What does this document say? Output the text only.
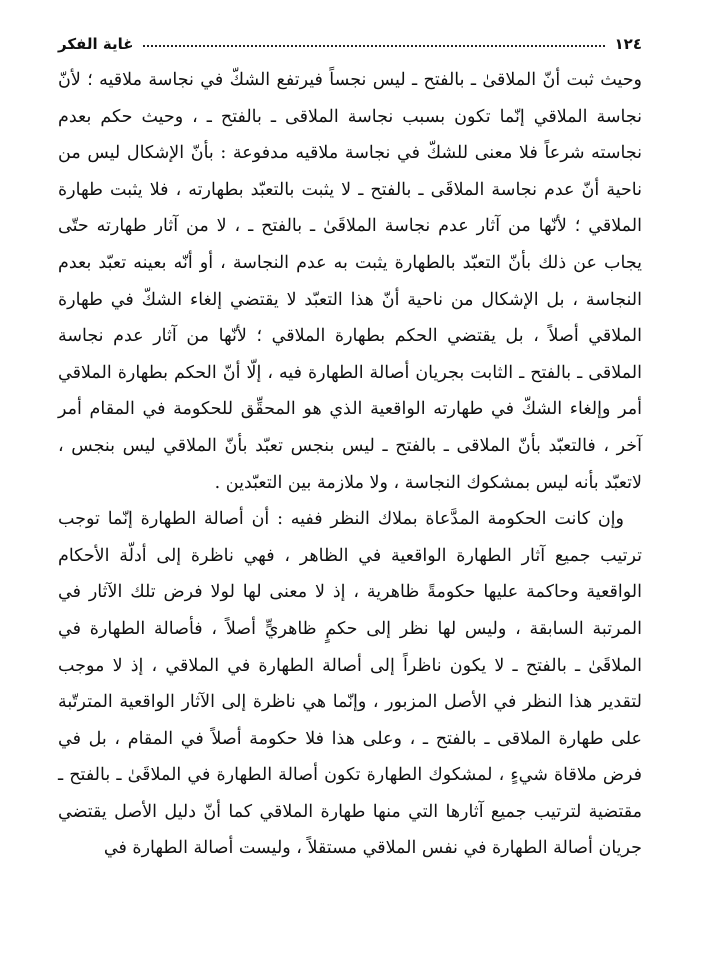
١٢٤
غاية الفكر

وحيث ثبت أنّ الملاقىٰ ـ بالفتح ـ ليس نجساً فيرتفع الشكّ في نجاسة ملاقيه ؛ لأنّ نجاسة الملاقي إنّما تكون بسبب نجاسة الملاقى ـ بالفتح ـ ، وحيث حكم بعدم نجاسته شرعاً فلا معنى للشكّ في نجاسة ملاقيه مدفوعة : بأنّ الإشكال ليس من ناحية أنّ عدم نجاسة الملاقَى ـ بالفتح ـ لا يثبت بالتعبّد بطهارته ، فلا يثبت طهارة الملاقي ؛ لأنّها من آثار عدم نجاسة الملاقَىٰ ـ بالفتح ـ ، لا من آثار طهارته حتّى يجاب عن ذلك بأنّ التعبّد بالطهارة يثبت به عدم النجاسة ، أو أنّه بعينه تعبّد بعدم النجاسة ، بل الإشكال من ناحية أنّ هذا التعبّد لا يقتضي إلغاء الشكّ في طهارة الملاقي أصلاً ، بل يقتضي الحكم بطهارة الملاقي ؛ لأنّها من آثار عدم نجاسة الملاقى ـ بالفتح ـ الثابت بجريان أصالة الطهارة فيه ، إلّا أنّ الحكم بطهارة الملاقي أمر وإلغاء الشكّ في طهارته الواقعية الذي هو المحقِّق للحكومة في المقام أمر آخر ، فالتعبّد بأنّ الملاقى ـ بالفتح ـ ليس بنجس تعبّد بأنّ الملاقي ليس بنجس ، لاتعبّد بأنه ليس بمشكوك النجاسة ، ولا ملازمة بين التعبّدين .

وإن كانت الحكومة المدَّعاة بملاك النظر ففيه : أن أصالة الطهارة إنّما توجب ترتيب جميع آثار الطهارة الواقعية في الظاهر ، فهي ناظرة إلى أدلّة الأحكام الواقعية وحاكمة عليها حكومةً ظاهرية ، إذ لا معنى لها لولا فرض تلك الآثار في المرتبة السابقة ، وليس لها نظر إلى حكمٍ ظاهريٍّ أصلاً ، فأصالة الطهارة في الملاقَىٰ ـ بالفتح ـ لا يكون ناظراً إلى أصالة الطهارة في الملاقي ، إذ لا موجب لتقدير هذا النظر في الأصل المزبور ، وإنّما هي ناظرة إلى الآثار الواقعية المترتّبة على طهارة الملاقى ـ بالفتح ـ ، وعلى هذا فلا حكومة أصلاً في المقام ، بل في فرض ملاقاة شيءٍ ، لمشكوك الطهارة تكون أصالة الطهارة في الملاقَىٰ ـ بالفتح ـ مقتضية لترتيب جميع آثارها التي منها طهارة الملاقي كما أنّ دليل الأصل يقتضي جريان أصالة الطهارة في نفس الملاقي مستقلاً ، وليست أصالة الطهارة في
